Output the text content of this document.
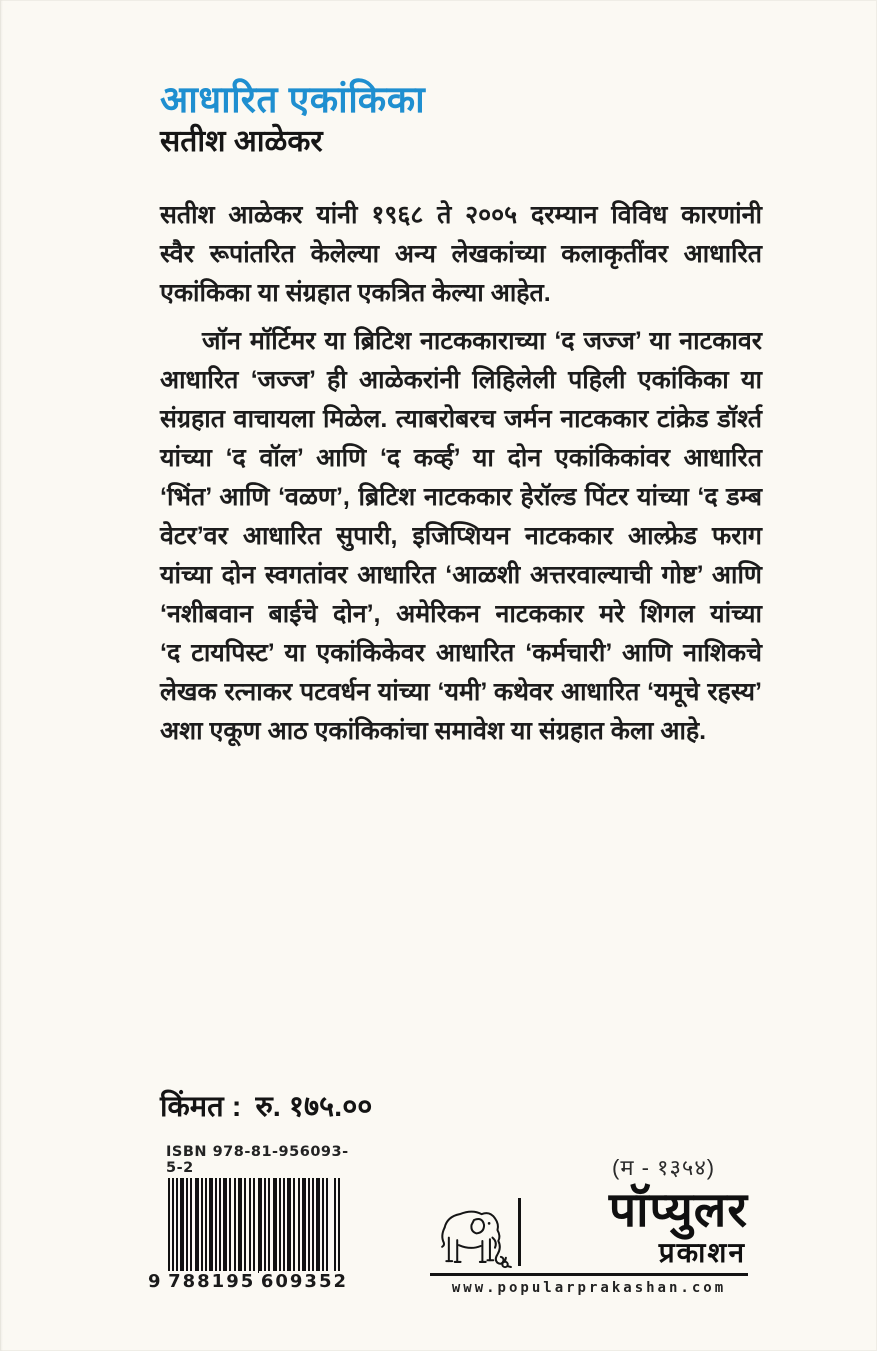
आधारित एकांकिका
सतीश आळेकर
सतीश आळेकर यांनी १९६८ ते २००५ दरम्यान विविध कारणांनी
स्वैर रूपांतरित केलेल्या अन्य लेखकांच्या कलाकृतींवर आधारित
एकांकिका या संग्रहात एकत्रित केल्या आहेत.
जॉन मॉर्टिमर या ब्रिटिश नाटककाराच्या ‘द जज्ज’ या नाटकावर
आधारित ‘जज्ज’ ही आळेकरांनी लिहिलेली पहिली एकांकिका या
संग्रहात वाचायला मिळेल. त्याबरोबरच जर्मन नाटककार टांक्रेड डॉर्श्त
यांच्या ‘द वॉल’ आणि ‘द कर्व्ह’ या दोन एकांकिकांवर आधारित
‘भिंत’ आणि ‘वळण’, ब्रिटिश नाटककार हेरॉल्ड पिंटर यांच्या ‘द डम्ब
वेटर’वर आधारित सुपारी, इजिप्शियन नाटककार आल्फ्रेड फराग
यांच्या दोन स्वगतांवर आधारित ‘आळशी अत्तरवाल्याची गोष्ट’ आणि
‘नशीबवान बाईचे दोन’, अमेरिकन नाटककार मरे शिगल यांच्या
‘द टायपिस्ट’ या एकांकिकेवर आधारित ‘कर्मचारी’ आणि नाशिकचे
लेखक रत्नाकर पटवर्धन यांच्या ‘यमी’ कथेवर आधारित ‘यमूचे रहस्य’
अशा एकूण आठ एकांकिकांचा समावेश या संग्रहात केला आहे.
किंमत : रु. १७५.००
ISBN 978-81-956093-5-2
9 788195 609352
(म - १३५४)
पॉप्युलर
प्रकाशन
www.popularprakashan.com
